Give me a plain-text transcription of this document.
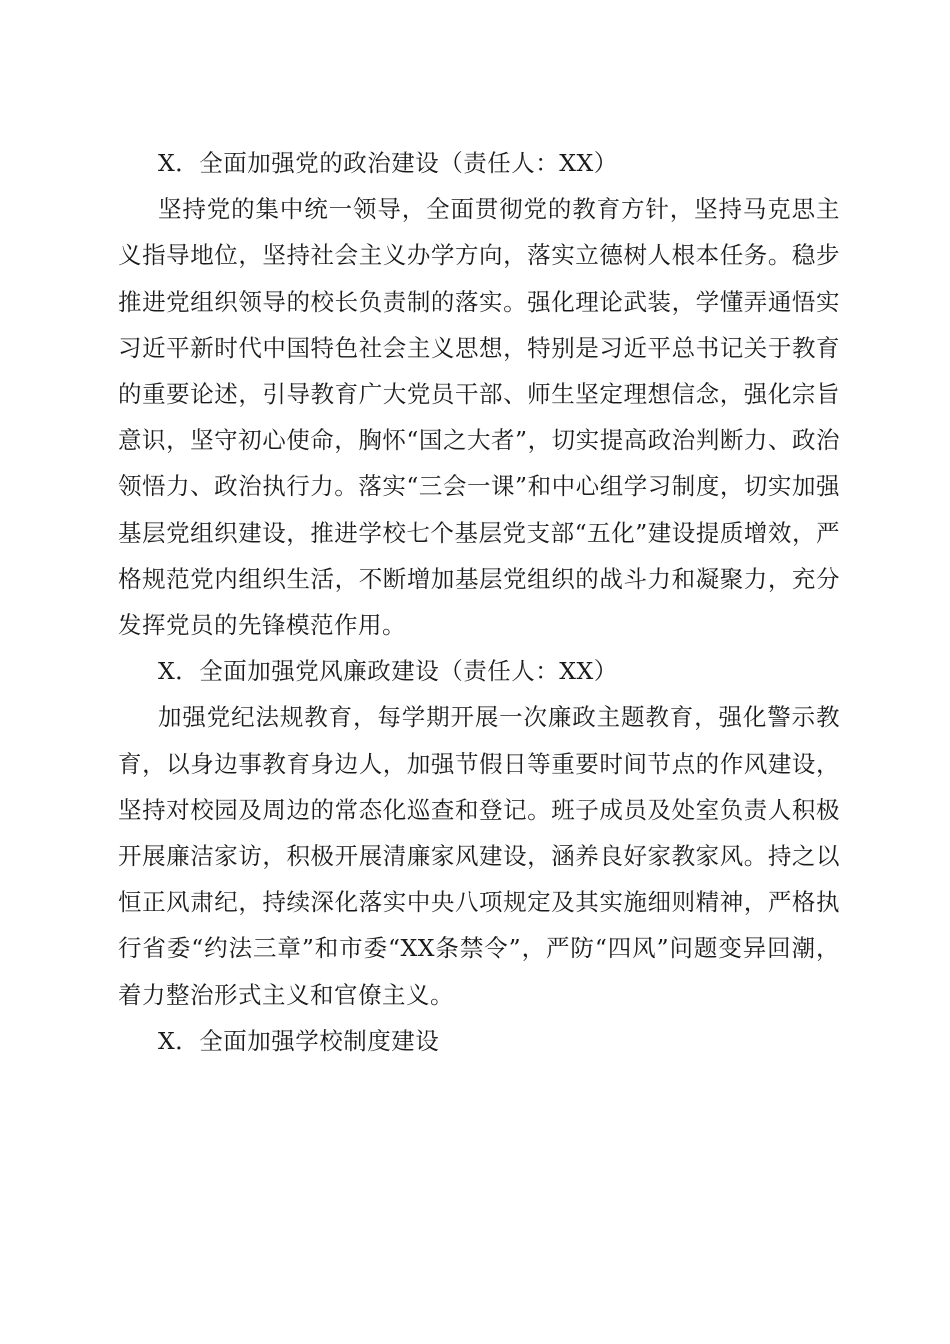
X．全面加强党的政治建设（责任人：XX）

坚持党的集中统一领导，全面贯彻党的教育方针，坚持马克思主义指导地位，坚持社会主义办学方向，落实立德树人根本任务。稳步推进党组织领导的校长负责制的落实。强化理论武装，学懂弄通悟实习近平新时代中国特色社会主义思想，特别是习近平总书记关于教育的重要论述，引导教育广大党员干部、师生坚定理想信念，强化宗旨意识，坚守初心使命，胸怀“国之大者”，切实提高政治判断力、政治领悟力、政治执行力。落实“三会一课”和中心组学习制度，切实加强基层党组织建设，推进学校七个基层党支部“五化”建设提质增效，严格规范党内组织生活，不断增加基层党组织的战斗力和凝聚力，充分发挥党员的先锋模范作用。

X．全面加强党风廉政建设（责任人：XX）

加强党纪法规教育，每学期开展一次廉政主题教育，强化警示教育，以身边事教育身边人，加强节假日等重要时间节点的作风建设，坚持对校园及周边的常态化巡查和登记。班子成员及处室负责人积极开展廉洁家访，积极开展清廉家风建设，涵养良好家教家风。持之以恒正风肃纪，持续深化落实中央八项规定及其实施细则精神，严格执行省委“约法三章”和市委“XX条禁令”，严防“四风”问题变异回潮，着力整治形式主义和官僚主义。

X．全面加强学校制度建设
